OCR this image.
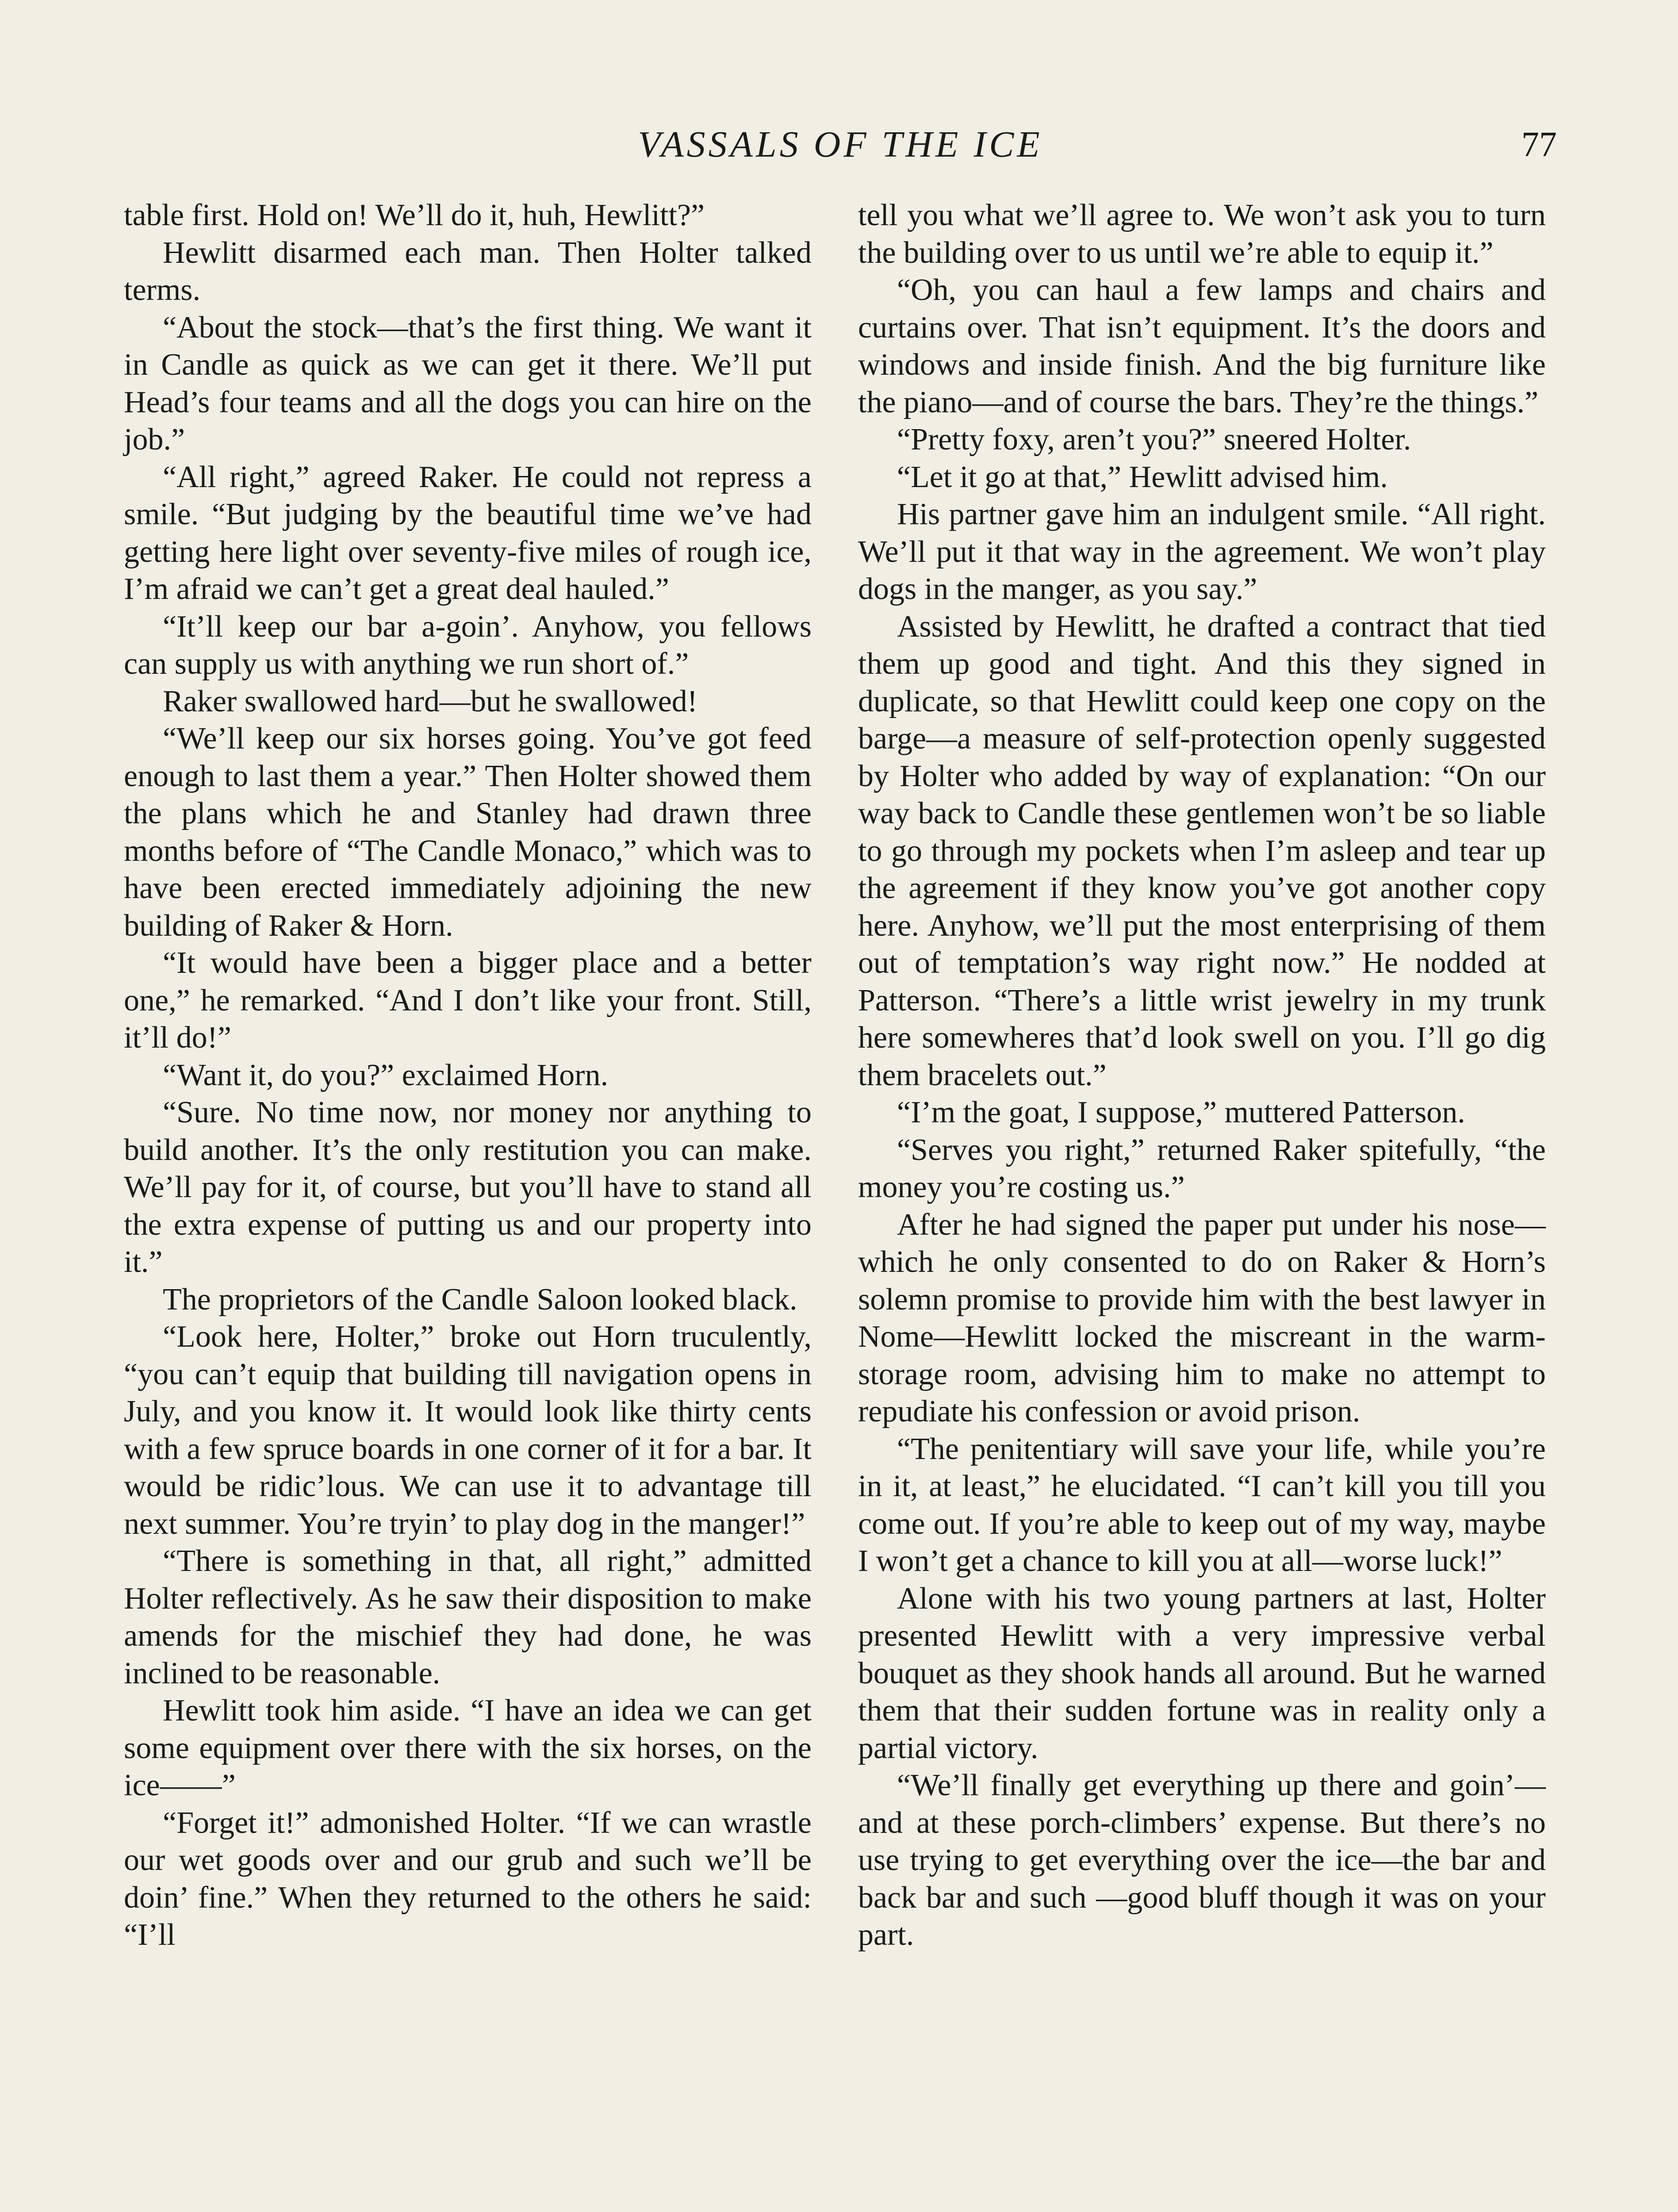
VASSALS OF THE ICE	77

table first. Hold on! We’ll do it, huh, Hewlitt?”

Hewlitt disarmed each man. Then Holter talked terms.

“About the stock—that’s the first thing. We want it in Candle as quick as we can get it there. We’ll put Head’s four teams and all the dogs you can hire on the job.”

“All right,” agreed Raker. He could not repress a smile. “But judging by the beautiful time we’ve had getting here light over seventy-five miles of rough ice, I’m afraid we can’t get a great deal hauled.”

“It’ll keep our bar a-goin’. Anyhow, you fellows can supply us with anything we run short of.”

Raker swallowed hard—but he swallowed!

“We’ll keep our six horses going. You’ve got feed enough to last them a year.” Then Holter showed them the plans which he and Stanley had drawn three months before of “The Candle Monaco,” which was to have been erected immediately adjoining the new building of Raker & Horn.

“It would have been a bigger place and a better one,” he remarked. “And I don’t like your front. Still, it’ll do!”

“Want it, do you?” exclaimed Horn.

“Sure. No time now, nor money nor anything to build another. It’s the only restitution you can make. We’ll pay for it, of course, but you’ll have to stand all the extra expense of putting us and our property into it.”

The proprietors of the Candle Saloon looked black.

“Look here, Holter,” broke out Horn truculently, “you can’t equip that building till navigation opens in July, and you know it. It would look like thirty cents with a few spruce boards in one corner of it for a bar. It would be ridic’lous. We can use it to advantage till next summer. You’re tryin’ to play dog in the manger!”

“There is something in that, all right,” admitted Holter reflectively. As he saw their disposition to make amends for the mischief they had done, he was inclined to be reasonable.

Hewlitt took him aside. “I have an idea we can get some equipment over there with the six horses, on the ice——”

“Forget it!” admonished Holter. “If we can wrastle our wet goods over and our grub and such we’ll be doin’ fine.” When they returned to the others he said: “I’ll

tell you what we’ll agree to. We won’t ask you to turn the building over to us until we’re able to equip it.”

“Oh, you can haul a few lamps and chairs and curtains over. That isn’t equipment. It’s the doors and windows and inside finish. And the big furniture like the piano—and of course the bars. They’re the things.”

“Pretty foxy, aren’t you?” sneered Holter.

“Let it go at that,” Hewlitt advised him.

His partner gave him an indulgent smile. “All right. We’ll put it that way in the agreement. We won’t play dogs in the manger, as you say.”

Assisted by Hewlitt, he drafted a contract that tied them up good and tight. And this they signed in duplicate, so that Hewlitt could keep one copy on the barge—a measure of self-protection openly suggested by Holter who added by way of explanation: “On our way back to Candle these gentlemen won’t be so liable to go through my pockets when I’m asleep and tear up the agreement if they know you’ve got another copy here. Anyhow, we’ll put the most enterprising of them out of temptation’s way right now.” He nodded at Patterson. “There’s a little wrist jewelry in my trunk here somewheres that’d look swell on you. I’ll go dig them bracelets out.”

“I’m the goat, I suppose,” muttered Patterson.

“Serves you right,” returned Raker spitefully, “the money you’re costing us.”

After he had signed the paper put under his nose—which he only consented to do on Raker & Horn’s solemn promise to provide him with the best lawyer in Nome—Hewlitt locked the miscreant in the warm-storage room, advising him to make no attempt to repudiate his confession or avoid prison.

“The penitentiary will save your life, while you’re in it, at least,” he elucidated. “I can’t kill you till you come out. If you’re able to keep out of my way, maybe I won’t get a chance to kill you at all—worse luck!”

Alone with his two young partners at last, Holter presented Hewlitt with a very impressive verbal bouquet as they shook hands all around. But he warned them that their sudden fortune was in reality only a partial victory.

“We’ll finally get everything up there and goin’—and at these porch-climbers’ expense. But there’s no use trying to get everything over the ice—the bar and back bar and such —good bluff though it was on your part.
